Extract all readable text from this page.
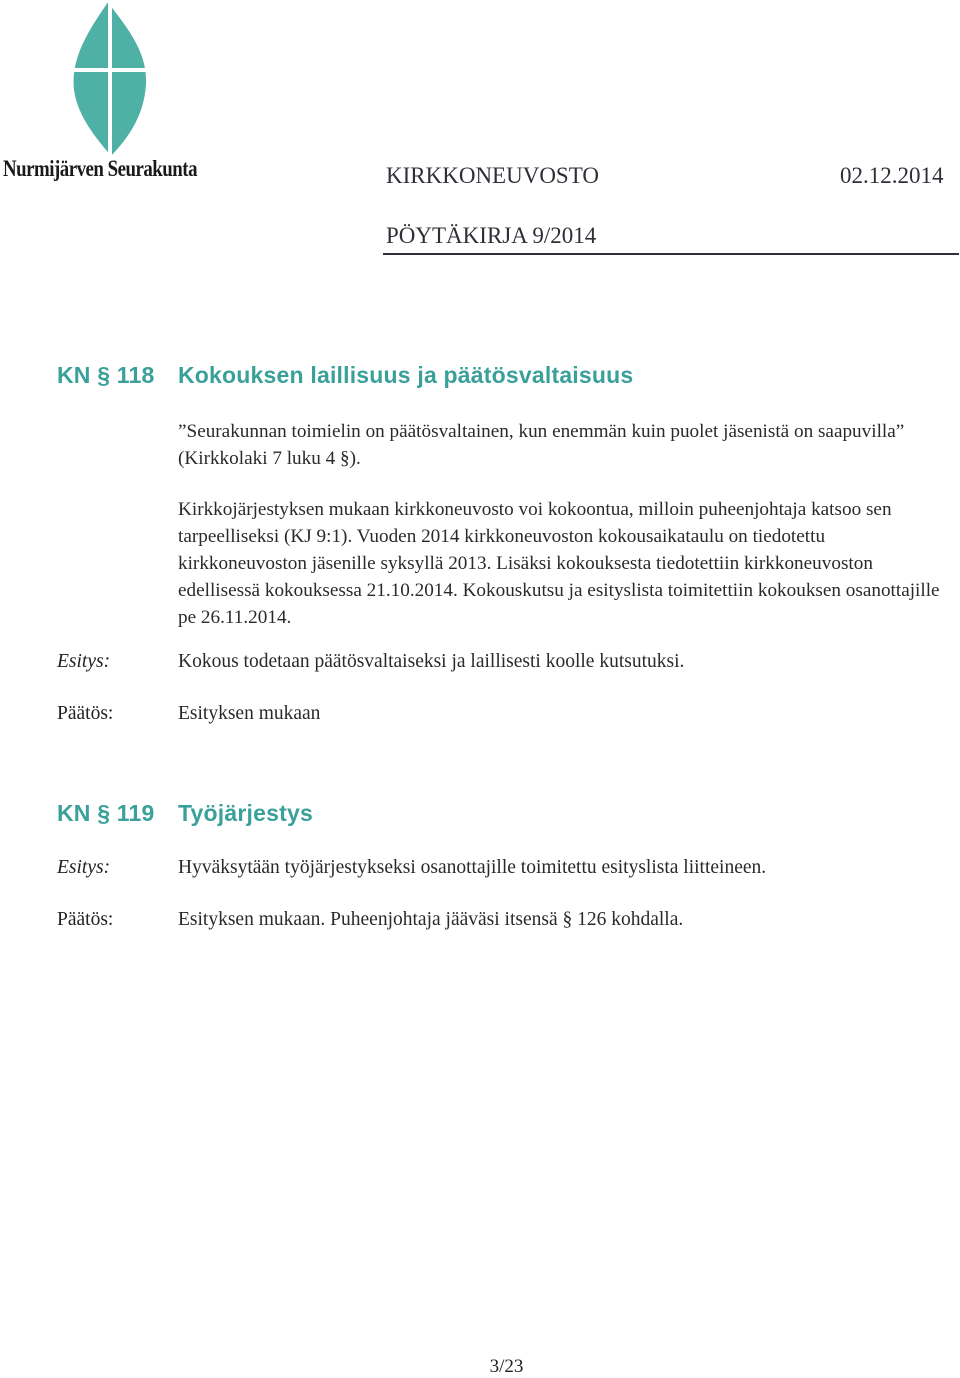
Nurmijärven Seurakunta	KIRKKONEUVOSTO	02.12.2014
PÖYTÄKIRJA 9/2014
KN § 118 Kokouksen laillisuus ja päätösvaltaisuus
”Seurakunnan toimielin on päätösvaltainen, kun enemmän kuin puolet jäsenistä on saapuvilla” (Kirkkolaki 7 luku 4 §).
Kirkkojärjestyksen mukaan kirkkoneuvosto voi kokoontua, milloin puheenjohtaja katsoo sen tarpeelliseksi (KJ 9:1). Vuoden 2014 kirkkoneuvoston kokousaikataulu on tiedotettu kirkkoneuvoston jäsenille syksyllä 2013. Lisäksi kokouksesta tiedotettiin kirkkoneuvoston edellisessä kokouksessa 21.10.2014. Kokouskutsu ja esityslista toimitettiin kokouksen osanottajille pe 26.11.2014.
Esitys:	Kokous todetaan päätösvaltaiseksi ja laillisesti koolle kutsutuksi.
Päätös:	Esityksen mukaan
KN § 119 Työjärjestys
Esitys:	Hyväksytään työjärjestykseksi osanottajille toimitettu esityslista liitteineen.
Päätös:	Esityksen mukaan. Puheenjohtaja jääväsi itsensä § 126 kohdalla.
3/23
